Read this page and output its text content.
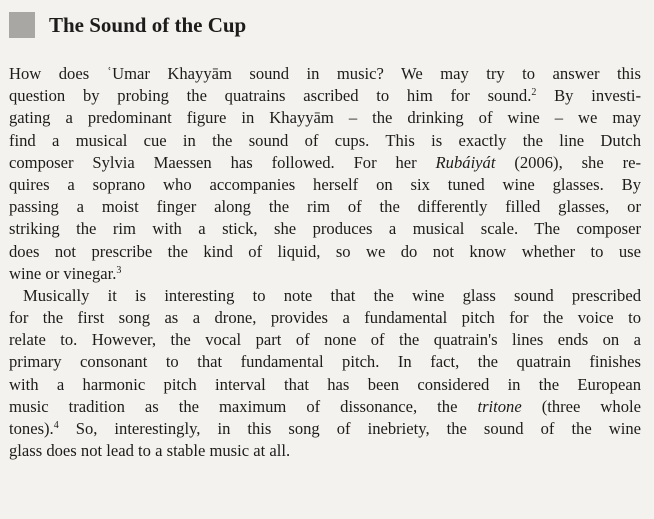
The Sound of the Cup
How does ʿUmar Khayyām sound in music? We may try to answer this
question by probing the quatrains ascribed to him for sound.$^2$ By investi-
gating a predominant figure in Khayyām – the drinking of wine – we may
find a musical cue in the sound of cups. This is exactly the line Dutch
composer Sylvia Maessen has followed. For her Rubáiyát (2006), she re-
quires a soprano who accompanies herself on six tuned wine glasses. By
passing a moist finger along the rim of the differently filled glasses, or
striking the rim with a stick, she produces a musical scale. The composer
does not prescribe the kind of liquid, so we do not know whether to use
wine or vinegar.$^3$
Musically it is interesting to note that the wine glass sound prescribed
for the first song as a drone, provides a fundamental pitch for the voice to
relate to. However, the vocal part of none of the quatrain's lines ends on a
primary consonant to that fundamental pitch. In fact, the quatrain finishes
with a harmonic pitch interval that has been considered in the European
music tradition as the maximum of dissonance, the tritone (three whole
tones).$^4$ So, interestingly, in this song of inebriety, the sound of the wine
glass does not lead to a stable music at all.
